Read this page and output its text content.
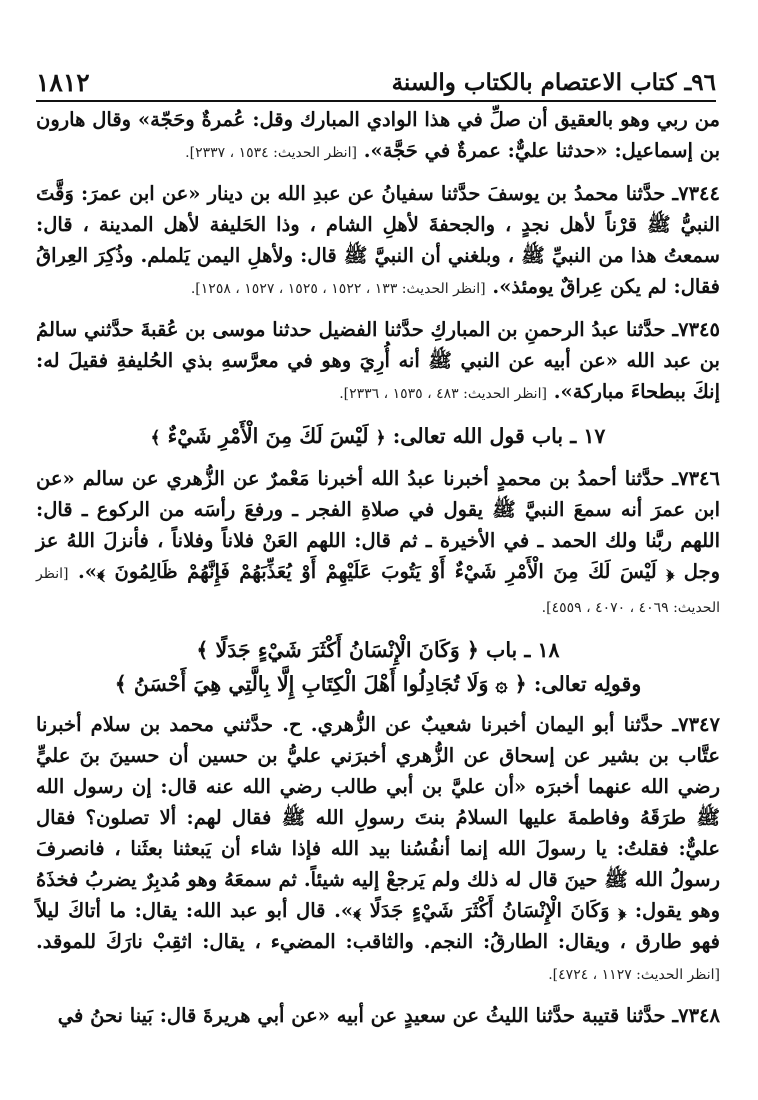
٩٦ـ كتاب الاعتصام بالكتاب والسنة
١٨١٢

من ربي وهو بالعقيق أن صلِّ في هذا الوادي المبارك وقل: عُمرةٌ وحَجّة» وقال هارون بن إسماعيل: «حدثنا عليٌّ: عمرةٌ في حَجَّة». [انظر الحديث: ١٥٣٤ ، ٢٣٣٧].

٧٣٤٤ـ حدَّثنا محمدُ بن يوسفَ حدَّثنا سفيانُ عن عبدِ الله بن دينار «عن ابن عمرَ: وَقَّتَ النبيُّ ﷺ قرْناً لأهل نجدٍ ، والجحفةَ لأهلِ الشام ، وذا الحَليفة لأهل المدينة ، قال: سمعتُ هذا من النبيِّ ﷺ ، وبلغني أن النبيَّ ﷺ قال: ولأهلِ اليمن يَلملم. وذُكِرَ العِراقُ فقال: لم يكن عِراقٌ يومئذ». [انظر الحديث: ١٣٣ ، ١٥٢٢ ، ١٥٢٥ ، ١٥٢٧ ، ١٢٥٨].

٧٣٤٥ـ حدَّثنا عبدُ الرحمنِ بن المباركِ حدَّثنا الفضيل حدثنا موسى بن عُقبةَ حدَّثني سالمُ بن عبد الله «عن أبيه عن النبي ﷺ أنه أُرِيَ وهو في معرَّسهِ بذي الحُليفةِ فقيلَ له: إنكَ ببطحاءَ مباركة». [انظر الحديث: ٤٨٣ ، ١٥٣٥ ، ٢٣٣٦].

١٧ ـ باب قول الله تعالى: ﴿ لَيْسَ لَكَ مِنَ الْأَمْرِ شَيْءٌ ﴾

٧٣٤٦ـ حدَّثنا أحمدُ بن محمدٍ أخبرنا عبدُ الله أخبرنا مَعْمرٌ عن الزُّهري عن سالم «عن ابن عمرَ أنه سمعَ النبيَّ ﷺ يقول في صلاةِ الفجر ـ ورفعَ رأسَه من الركوع ـ قال: اللهم ربَّنا ولك الحمد ـ في الأخيرة ـ ثم قال: اللهم العَنْ فلاناً وفلاناً ، فأنزلَ اللهُ عز وجل ﴿ لَيْسَ لَكَ مِنَ الْأَمْرِ شَيْءٌ أَوْ يَتُوبَ عَلَيْهِمْ أَوْ يُعَذِّبَهُمْ فَإِنَّهُمْ ظَالِمُونَ ﴾». [انظر الحديث: ٤٠٦٩ ، ٤٠٧٠ ، ٤٥٥٩].

١٨ ـ باب ﴿ وَكَانَ الْإِنْسَانُ أَكْثَرَ شَيْءٍ جَدَلًا ﴾
وقولِه تعالى: ﴿ ۞ وَلَا تُجَادِلُوا أَهْلَ الْكِتَابِ إِلَّا بِالَّتِي هِيَ أَحْسَنُ ﴾

٧٣٤٧ـ حدَّثنا أبو اليمان أخبرنا شعيبٌ عن الزُّهري. ح. حدَّثني محمد بن سلام أخبرنا عتَّاب بن بشير عن إسحاق عن الزُّهري أخبرَني عليُّ بن حسين أن حسينَ بنَ عليٍّ رضي الله عنهما أخبرَه «أن عليَّ بن أبي طالب رضي الله عنه قال: إن رسول الله ﷺ طرَقَهُ وفاطمةَ عليها السلامُ بنتَ رسولِ الله ﷺ فقال لهم: ألا تصلون؟ فقال عليٌّ: فقلتُ: يا رسولَ الله إنما أنفُسُنا بيد الله فإذا شاء أن يَبعثنا بعثَنا ، فانصرفَ رسولُ الله ﷺ حينَ قال له ذلك ولم يَرجعْ إليه شيئاً. ثم سمعَهُ وهو مُدبِرٌ يضربُ فخذَهُ وهو يقول: ﴿ وَكَانَ الْإِنْسَانُ أَكْثَرَ شَيْءٍ جَدَلًا ﴾». قال أبو عبد الله: يقال: ما أتاكَ ليلاً فهو طارق ، ويقال: الطارقُ: النجم. والثاقب: المضيء ، يقال: اثقِبْ نارَكَ للموقد. [انظر الحديث: ١١٢٧ ، ٤٧٢٤].

٧٣٤٨ـ حدَّثنا قتيبة حدَّثنا الليثُ عن سعيدٍ عن أبيه «عن أبي هريرةَ قال: بَينا نحنُ في
